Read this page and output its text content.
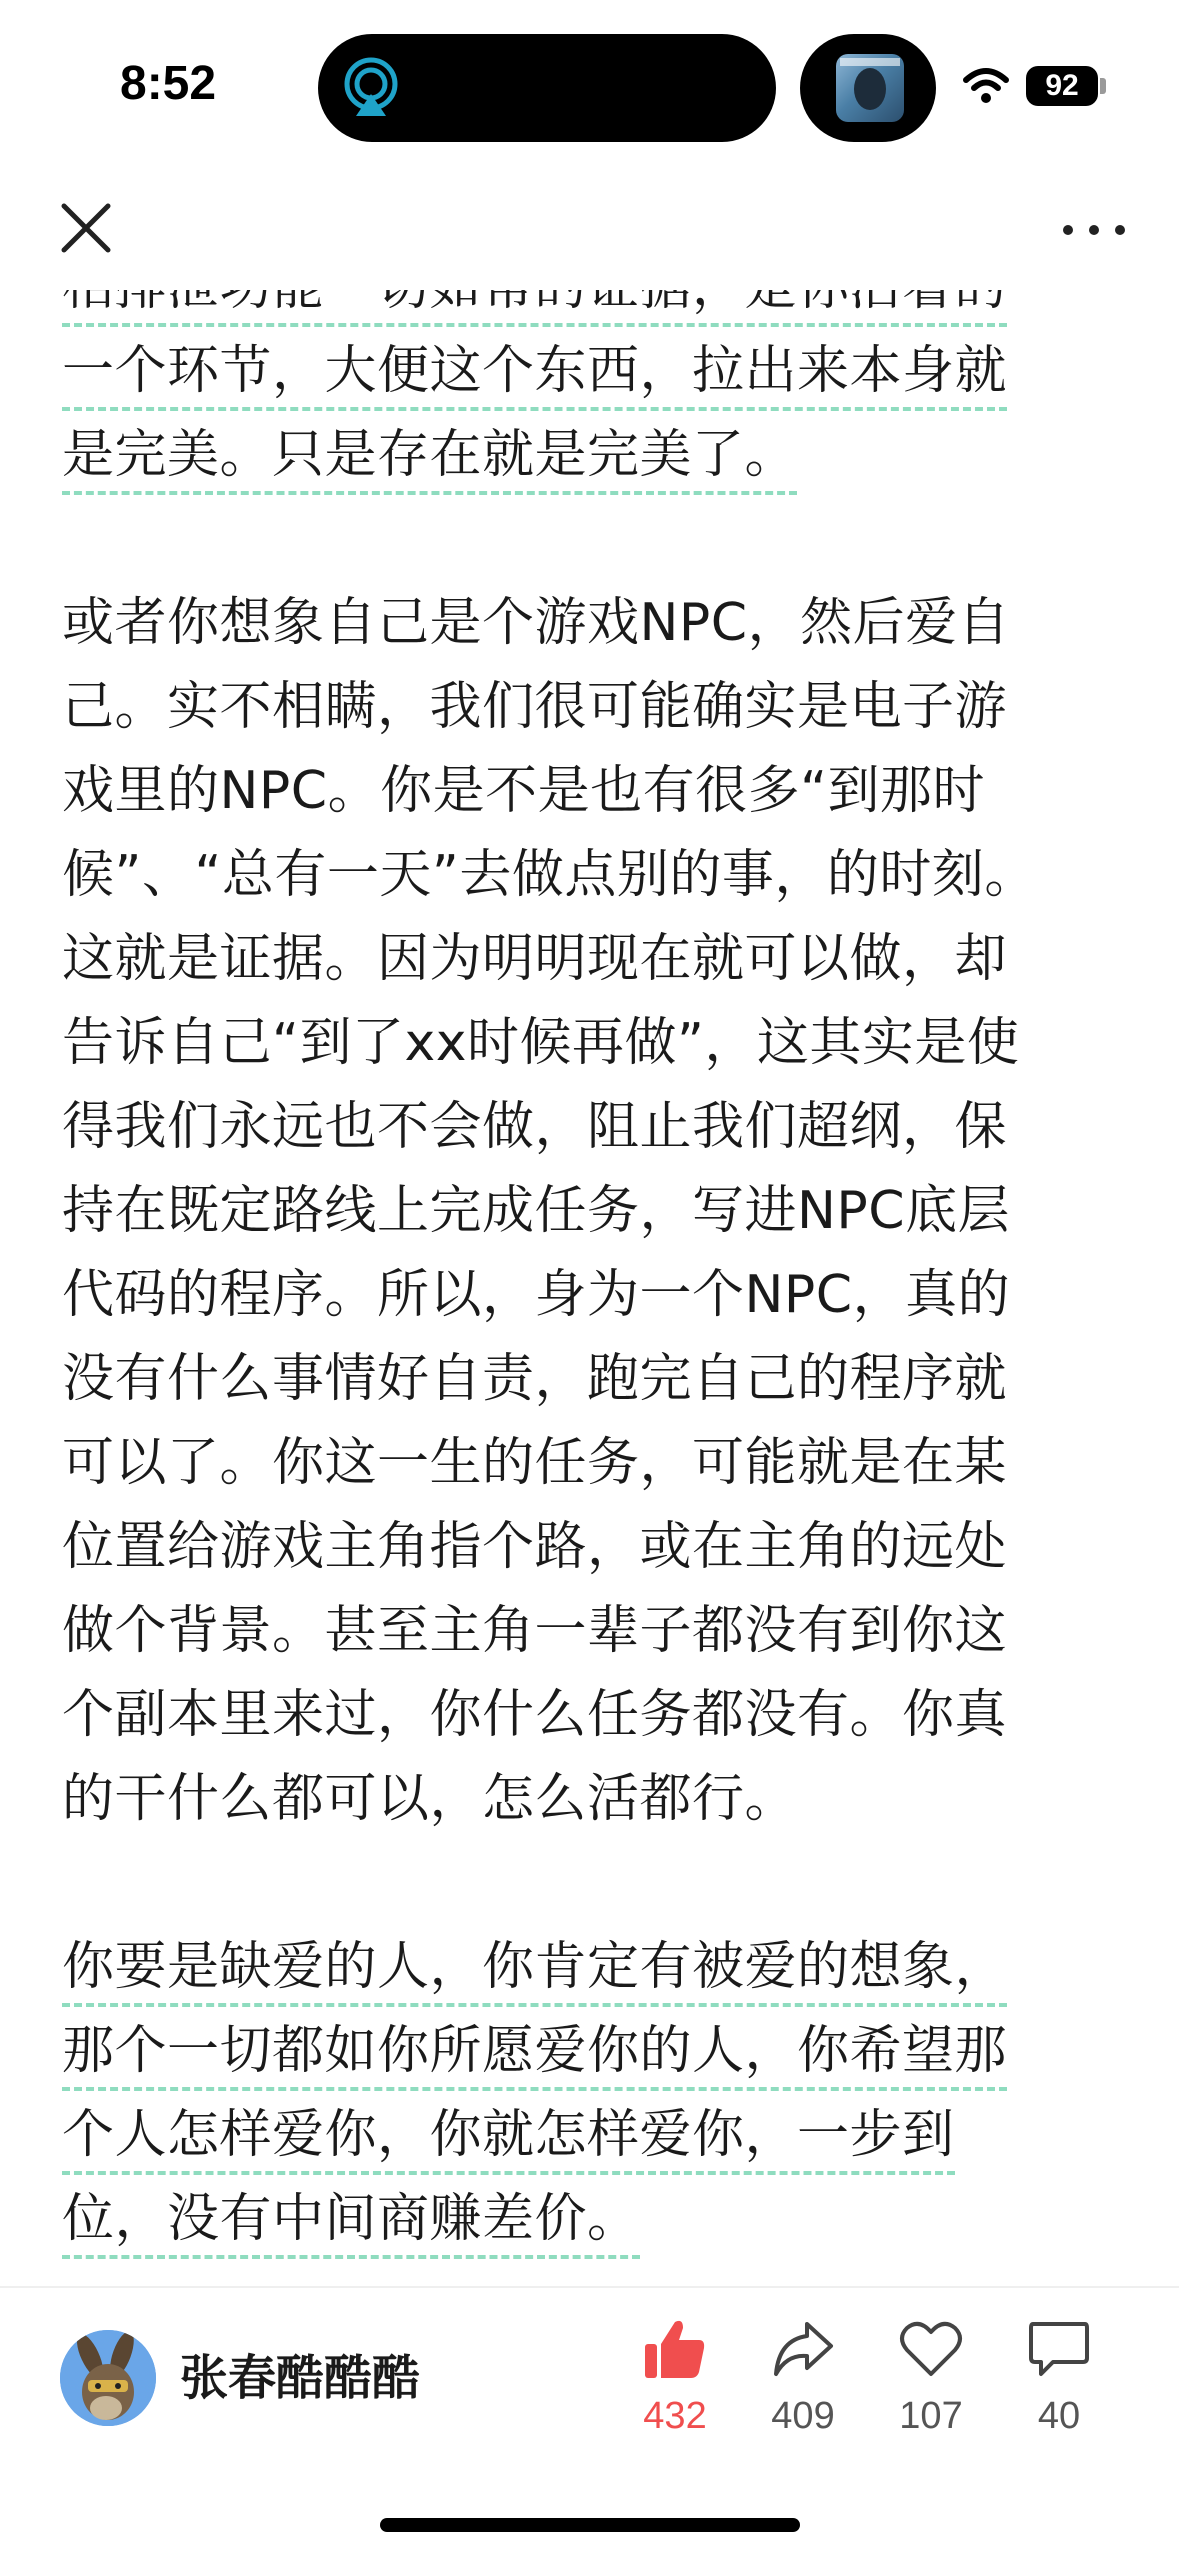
8:52	92
一个环节，大便这个东西，拉出来本身就
是完美。只是存在就是完美了。
或者你想象自己是个游戏NPC，然后爱自
己。实不相瞒，我们很可能确实是电子游
戏里的NPC。你是不是也有很多“到那时
候”、“总有一天”去做点别的事，的时刻。
这就是证据。因为明明现在就可以做，却
告诉自己“到了xx时候再做”，这其实是使
得我们永远也不会做，阻止我们超纲，保
持在既定路线上完成任务，写进NPC底层
代码的程序。所以，身为一个NPC，真的
没有什么事情好自责，跑完自己的程序就
可以了。你这一生的任务，可能就是在某
位置给游戏主角指个路，或在主角的远处
做个背景。甚至主角一辈子都没有到你这
个副本里来过，你什么任务都没有。你真
的干什么都可以，怎么活都行。
你要是缺爱的人，你肯定有被爱的想象，
那个一切都如你所愿爱你的人，你希望那
个人怎样爱你，你就怎样爱你，一步到
位，没有中间商赚差价。
张春酷酷酷
432	409	107	40
